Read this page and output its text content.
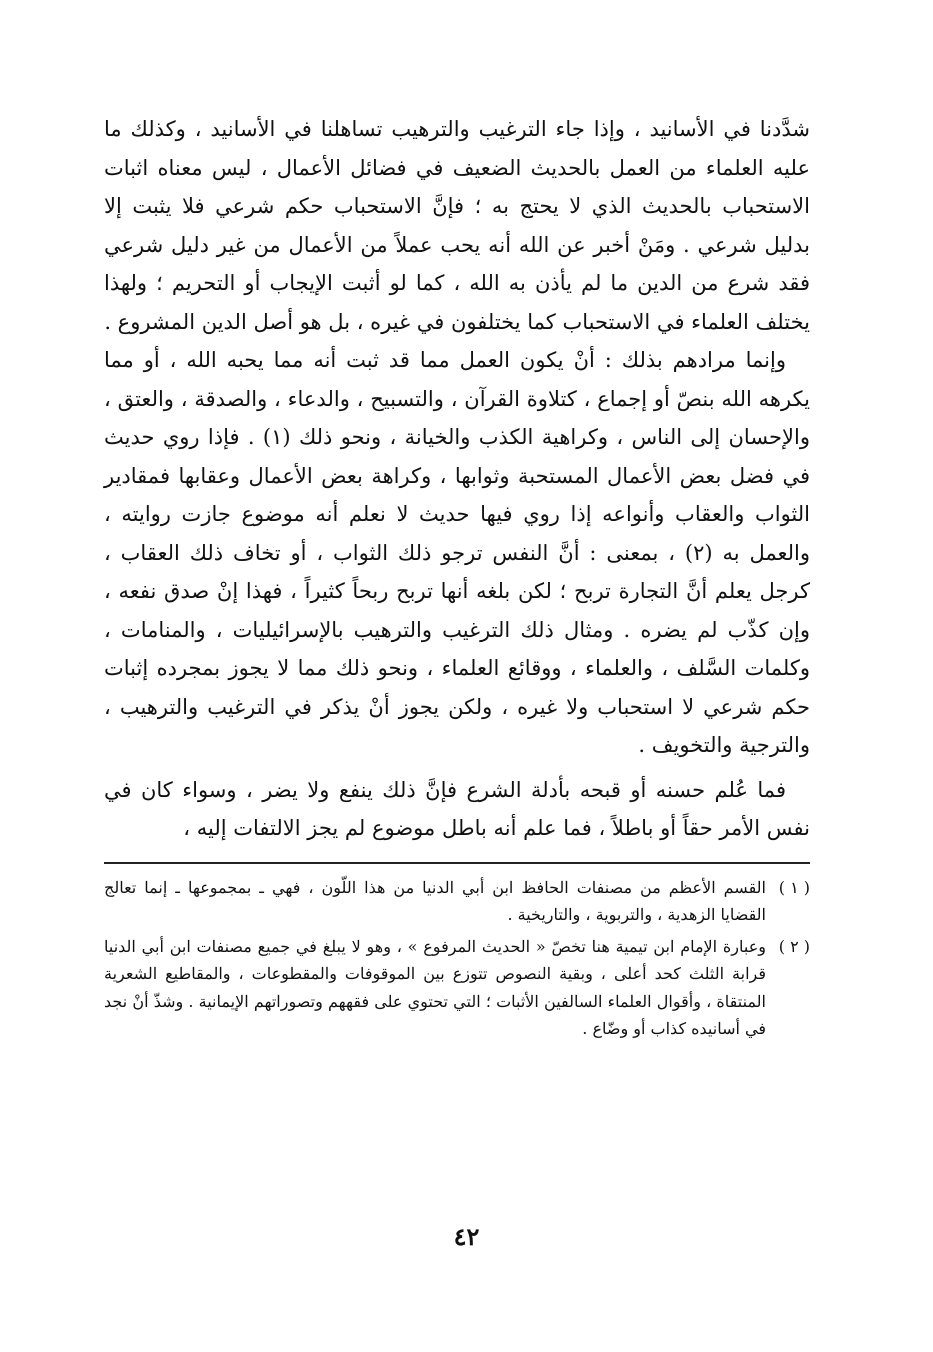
شدَّدنا في الأسانيد ، وإذا جاء الترغيب والترهيب تساهلنا في الأسانيد ، وكذلك ما عليه العلماء من العمل بالحديث الضعيف في فضائل الأعمال ، ليس معناه اثبات الاستحباب بالحديث الذي لا يحتج به ؛ فإنَّ الاستحباب حكم شرعي فلا يثبت إلا بدليل شرعي . ومَنْ أخبر عن الله أنه يحب عملاً من الأعمال من غير دليل شرعي فقد شرع من الدين ما لم يأذن به الله ، كما لو أثبت الإيجاب أو التحريم ؛ ولهذا يختلف العلماء في الاستحباب كما يختلفون في غيره ، بل هو أصل الدين المشروع .

وإنما مرادهم بذلك : أنْ يكون العمل مما قد ثبت أنه مما يحبه الله ، أو مما يكرهه الله بنصّ أو إجماع ، كتلاوة القرآن ، والتسبيح ، والدعاء ، والصدقة ، والعتق ، والإحسان إلى الناس ، وكراهية الكذب والخيانة ، ونحو ذلك (١) . فإذا روي حديث في فضل بعض الأعمال المستحبة وثوابها ، وكراهة بعض الأعمال وعقابها فمقادير الثواب والعقاب وأنواعه إذا روي فيها حديث لا نعلم أنه موضوع جازت روايته ، والعمل به (٢) ، بمعنى : أنَّ النفس ترجو ذلك الثواب ، أو تخاف ذلك العقاب ، كرجل يعلم أنَّ التجارة تربح ؛ لكن بلغه أنها تربح ربحاً كثيراً ، فهذا إنْ صدق نفعه ، وإن كذّب لم يضره . ومثال ذلك الترغيب والترهيب بالإسرائيليات ، والمنامات ، وكلمات السَّلف ، والعلماء ، ووقائع العلماء ، ونحو ذلك مما لا يجوز بمجرده إثبات حكم شرعي لا استحباب ولا غيره ، ولكن يجوز أنْ يذكر في الترغيب والترهيب ، والترجية والتخويف .

فما عُلم حسنه أو قبحه بأدلة الشرع فإنَّ ذلك ينفع ولا يضر ، وسواء كان في نفس الأمر حقاً أو باطلاً ، فما علم أنه باطل موضوع لم يجز الالتفات إليه ،

( ١ )
القسم الأعظم من مصنفات الحافظ ابن أبي الدنيا من هذا اللّون ، فهي ـ بمجموعها ـ إنما تعالج القضايا الزهدية ، والتربوية ، والتاريخية .
( ٢ )
وعبارة الإمام ابن تيمية هنا تخصّ « الحديث المرفوع » ، وهو لا يبلغ في جميع مصنفات ابن أبي الدنيا قرابة الثلث كحد أعلى ، وبقية النصوص تتوزع بين الموقوفات والمقطوعات ، والمقاطيع الشعرية المنتقاة ، وأقوال العلماء السالفين الأثبات ؛ التي تحتوي على فقههم وتصوراتهم الإيمانية . وشذّ أنْ نجد في أسانيده كذاب أو وضّاع .
٤٢
